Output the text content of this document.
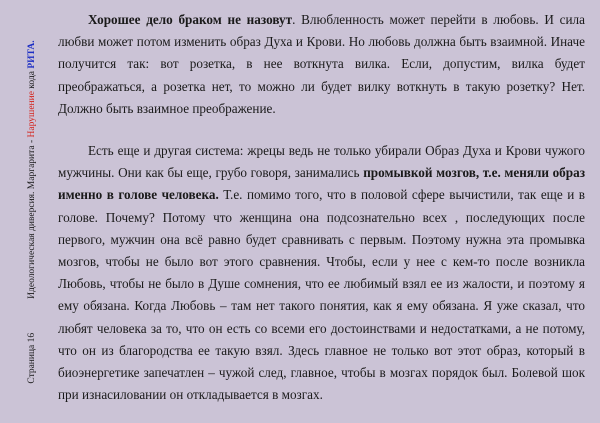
Страница 16Идеологическая диверсия. Маргарита - Нарушение кода РИТА.

Хорошее дело браком не назовут. Влюбленность может перейти в любовь. И сила любви может потом изменить образ Духа и Крови. Но любовь должна быть взаимной. Иначе получится так: вот розетка, в нее воткнута вилка. Если, допустим, вилка будет преображаться, а розетка нет, то можно ли будет вилку воткнуть в такую розетку? Нет. Должно быть взаимное преображение.

Есть еще и другая система: жрецы ведь не только убирали Образ Духа и Крови чужого мужчины. Они как бы еще, грубо говоря, занимались промывкой мозгов, т.е. меняли образ именно в голове человека. Т.е. помимо того, что в половой сфере вычистили, так еще и в голове. Почему? Потому что женщина она подсознательно всех , последующих после первого, мужчин она всё равно будет сравнивать с первым. Поэтому нужна эта промывка мозгов, чтобы не было вот этого сравнения. Чтобы, если у нее с кем-то после возникла Любовь, чтобы не было в Душе сомнения, что ее любимый взял ее из жалости, и поэтому я ему обязана. Когда Любовь – там нет такого понятия, как я ему обязана. Я уже сказал, что любят человека за то, что он есть со всеми его достоинствами и недостатками, а не потому, что он из благородства ее такую взял. Здесь главное не только вот этот образ, который в биоэнергетике запечатлен – чужой след, главное, чтобы в мозгах порядок был. Болевой шок при изнасиловании он откладывается в мозгах.
